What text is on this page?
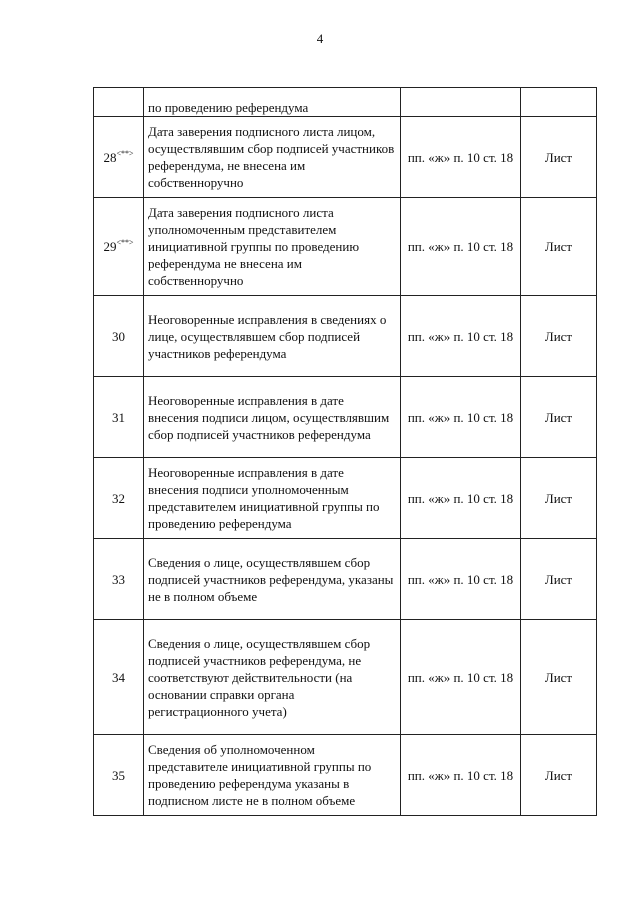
4
	по проведению референдума		
28<**>	Дата заверения подписного листа лицом, осуществлявшим сбор подписей участников референдума, не внесена им собственноручно	пп. «ж» п. 10 ст. 18	Лист
29<**>	Дата заверения подписного листа уполномоченным представителем инициативной группы по проведению референдума не внесена им собственноручно	пп. «ж» п. 10 ст. 18	Лист
30	Неоговоренные исправления в сведениях о лице, осуществлявшем сбор подписей участников референдума	пп. «ж» п. 10 ст. 18	Лист
31	Неоговоренные исправления в дате внесения подписи лицом, осуществлявшим сбор подписей участников референдума	пп. «ж» п. 10 ст. 18	Лист
32	Неоговоренные исправления в дате внесения подписи уполномоченным представителем инициативной группы по проведению референдума	пп. «ж» п. 10 ст. 18	Лист
33	Сведения о лице, осуществлявшем сбор подписей участников референдума, указаны не в полном объеме	пп. «ж» п. 10 ст. 18	Лист
34	Сведения о лице, осуществлявшем сбор подписей участников референдума, не соответствуют действительности (на основании справки органа регистрационного учета)	пп. «ж» п. 10 ст. 18	Лист
35	Сведения об уполномоченном представителе инициативной группы по проведению референдума указаны в подписном листе не в полном объеме	пп. «ж» п. 10 ст. 18	Лист
